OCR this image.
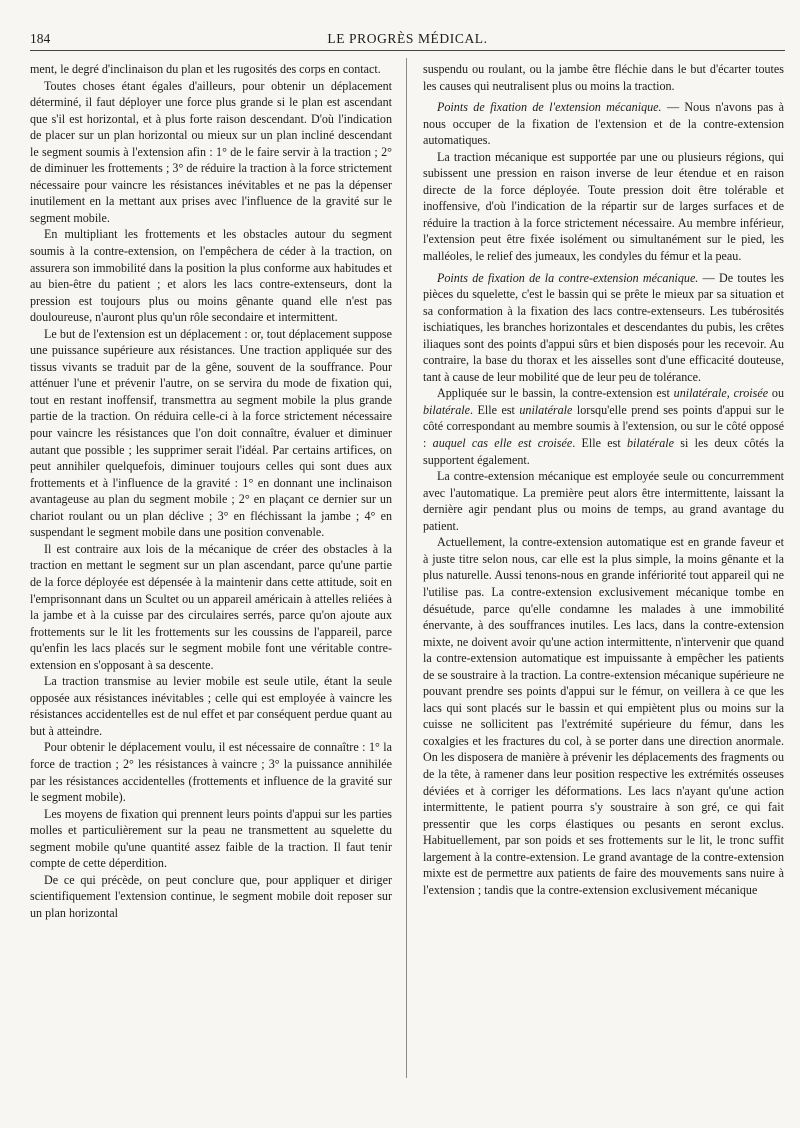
184	LE PROGRÈS MÉDICAL.

ment, le degré d'inclinaison du plan et les rugosités des corps en contact.

Toutes choses étant égales d'ailleurs, pour obtenir un déplacement déterminé, il faut déployer une force plus grande si le plan est ascendant que s'il est horizontal, et à plus forte raison descendant. D'où l'indication de placer sur un plan horizontal ou mieux sur un plan incliné descendant le segment soumis à l'extension afin : 1° de le faire servir à la traction ; 2° de diminuer les frottements ; 3° de réduire la traction à la force strictement nécessaire pour vaincre les résistances inévitables et ne pas la dépenser inutilement en la mettant aux prises avec l'influence de la gravité sur le segment mobile.

En multipliant les frottements et les obstacles autour du segment soumis à la contre-extension, on l'empêchera de céder à la traction, on assurera son immobilité dans la position la plus conforme aux habitudes et au bien-être du patient ; et alors les lacs contre-extenseurs, dont la pression est toujours plus ou moins gênante quand elle n'est pas douloureuse, n'auront plus qu'un rôle secondaire et intermittent.

Le but de l'extension est un déplacement : or, tout déplacement suppose une puissance supérieure aux résistances. Une traction appliquée sur des tissus vivants se traduit par de la gêne, souvent de la souffrance. Pour atténuer l'une et prévenir l'autre, on se servira du mode de fixation qui, tout en restant inoffensif, transmettra au segment mobile la plus grande partie de la traction. On réduira celle-ci à la force strictement nécessaire pour vaincre les résistances que l'on doit connaître, évaluer et diminuer autant que possible ; les supprimer serait l'idéal. Par certains artifices, on peut annihiler quelquefois, diminuer toujours celles qui sont dues aux frottements et à l'influence de la gravité : 1° en donnant une inclinaison avantageuse au plan du segment mobile ; 2° en plaçant ce dernier sur un chariot roulant ou un plan déclive ; 3° en fléchissant la jambe ; 4° en suspendant le segment mobile dans une position convenable.

Il est contraire aux lois de la mécanique de créer des obstacles à la traction en mettant le segment sur un plan ascendant, parce qu'une partie de la force déployée est dépensée à la maintenir dans cette attitude, soit en l'emprisonnant dans un Scultet ou un appareil américain à attelles reliées à la jambe et à la cuisse par des circulaires serrés, parce qu'on ajoute aux frottements sur le lit les frottements sur les coussins de l'appareil, parce qu'enfin les lacs placés sur le segment mobile font une véritable contre-extension en s'opposant à sa descente.

La traction transmise au levier mobile est seule utile, étant la seule opposée aux résistances inévitables ; celle qui est employée à vaincre les résistances accidentelles est de nul effet et par conséquent perdue quant au but à atteindre.

Pour obtenir le déplacement voulu, il est nécessaire de connaître : 1° la force de traction ; 2° les résistances à vaincre ; 3° la puissance annihilée par les résistances accidentelles (frottements et influence de la gravité sur le segment mobile).

Les moyens de fixation qui prennent leurs points d'appui sur les parties molles et particulièrement sur la peau ne transmettent au squelette du segment mobile qu'une quantité assez faible de la traction. Il faut tenir compte de cette déperdition.

De ce qui précède, on peut conclure que, pour appliquer et diriger scientifiquement l'extension continue, le segment mobile doit reposer sur un plan horizontal

suspendu ou roulant, ou la jambe être fléchie dans le but d'écarter toutes les causes qui neutralisent plus ou moins la traction.

Points de fixation de l'extension mécanique. — Nous n'avons pas à nous occuper de la fixation de l'extension et de la contre-extension automatiques.

La traction mécanique est supportée par une ou plusieurs régions, qui subissent une pression en raison inverse de leur étendue et en raison directe de la force déployée. Toute pression doit être tolérable et inoffensive, d'où l'indication de la répartir sur de larges surfaces et de réduire la traction à la force strictement nécessaire. Au membre inférieur, l'extension peut être fixée isolément ou simultanément sur le pied, les malléoles, le relief des jumeaux, les condyles du fémur et la peau.

Points de fixation de la contre-extension mécanique. — De toutes les pièces du squelette, c'est le bassin qui se prête le mieux par sa situation et sa conformation à la fixation des lacs contre-extenseurs. Les tubérosités ischiatiques, les branches horizontales et descendantes du pubis, les crêtes iliaques sont des points d'appui sûrs et bien disposés pour les recevoir. Au contraire, la base du thorax et les aisselles sont d'une efficacité douteuse, tant à cause de leur mobilité que de leur peu de tolérance.

Appliquée sur le bassin, la contre-extension est unilatérale, croisée ou bilatérale. Elle est unilatérale lorsqu'elle prend ses points d'appui sur le côté correspondant au membre soumis à l'extension, ou sur le côté opposé : auquel cas elle est croisée. Elle est bilatérale si les deux côtés la supportent également.

La contre-extension mécanique est employée seule ou concurremment avec l'automatique. La première peut alors être intermittente, laissant la dernière agir pendant plus ou moins de temps, au grand avantage du patient.

Actuellement, la contre-extension automatique est en grande faveur et à juste titre selon nous, car elle est la plus simple, la moins gênante et la plus naturelle. Aussi tenons-nous en grande infériorité tout appareil qui ne l'utilise pas. La contre-extension exclusivement mécanique tombe en désuétude, parce qu'elle condamne les malades à une immobilité énervante, à des souffrances inutiles. Les lacs, dans la contre-extension mixte, ne doivent avoir qu'une action intermittente, n'intervenir que quand la contre-extension automatique est impuissante à empêcher les patients de se soustraire à la traction. La contre-extension mécanique supérieure ne pouvant prendre ses points d'appui sur le fémur, on veillera à ce que les lacs qui sont placés sur le bassin et qui empiètent plus ou moins sur la cuisse ne sollicitent pas l'extrémité supérieure du fémur, dans les coxalgies et les fractures du col, à se porter dans une direction anormale. On les disposera de manière à prévenir les déplacements des fragments ou de la tête, à ramener dans leur position respective les extrémités osseuses déviées et à corriger les déformations. Les lacs n'ayant qu'une action intermittente, le patient pourra s'y soustraire à son gré, ce qui fait pressentir que les corps élastiques ou pesants en seront exclus. Habituellement, par son poids et ses frottements sur le lit, le tronc suffit largement à la contre-extension. Le grand avantage de la contre-extension mixte est de permettre aux patients de faire des mouvements sans nuire à l'extension ; tandis que la contre-extension exclusivement mécanique
